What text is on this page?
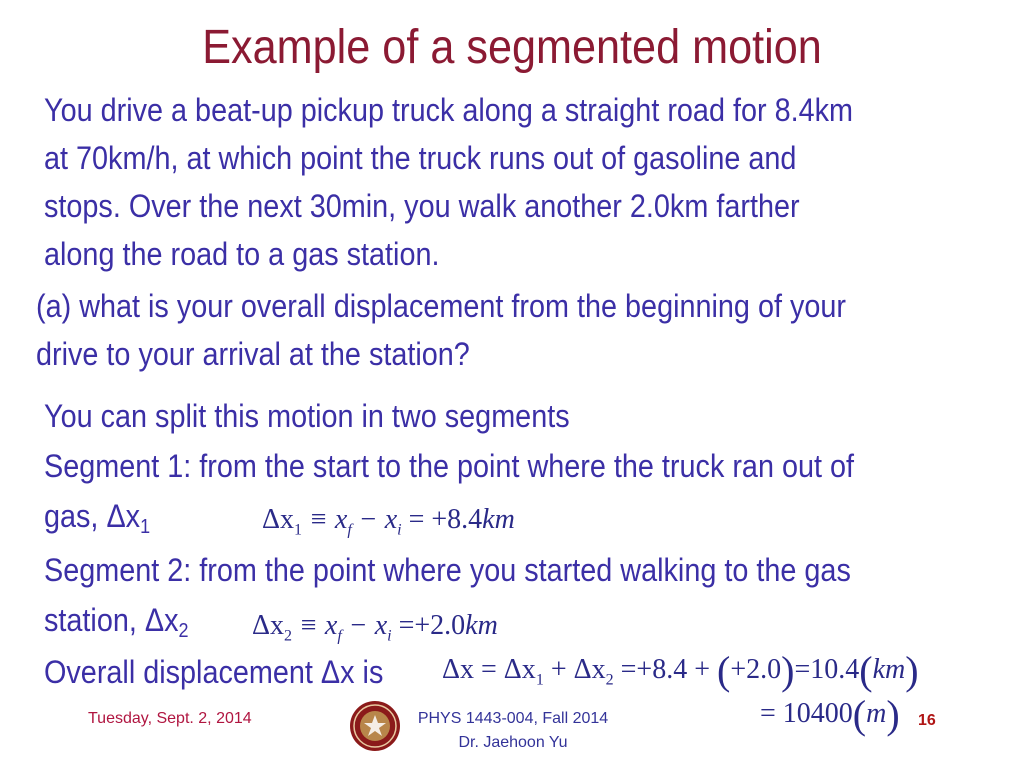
Example of a segmented motion
You drive a beat-up pickup truck along a straight road for 8.4km
at 70km/h, at which point the truck runs out of gasoline and
stops. Over the next 30min, you walk another 2.0km farther
along the road to a gas station.
(a) what is your overall displacement from the beginning of your
drive to your arrival at the station?
You can split this motion in two segments
Segment 1: from the start to the point where the truck ran out of
gas, $\Delta x_1$	$\Delta x_1 \equiv x_f - x_i = +8.4km$
Segment 2: from the point where you started walking to the gas
station, $\Delta x_2$ $\Delta x_2 \equiv x_f - x_i =+2.0km$
Overall displacement Δx is $\Delta x = \Delta x_1 + \Delta x_2 =+8.4 + (+2.0)=10.4(km)$
= 10400(m)
Tuesday, Sept. 2, 2014	PHYS 1443-004, Fall 2014
Dr. Jaehoon Yu
16
